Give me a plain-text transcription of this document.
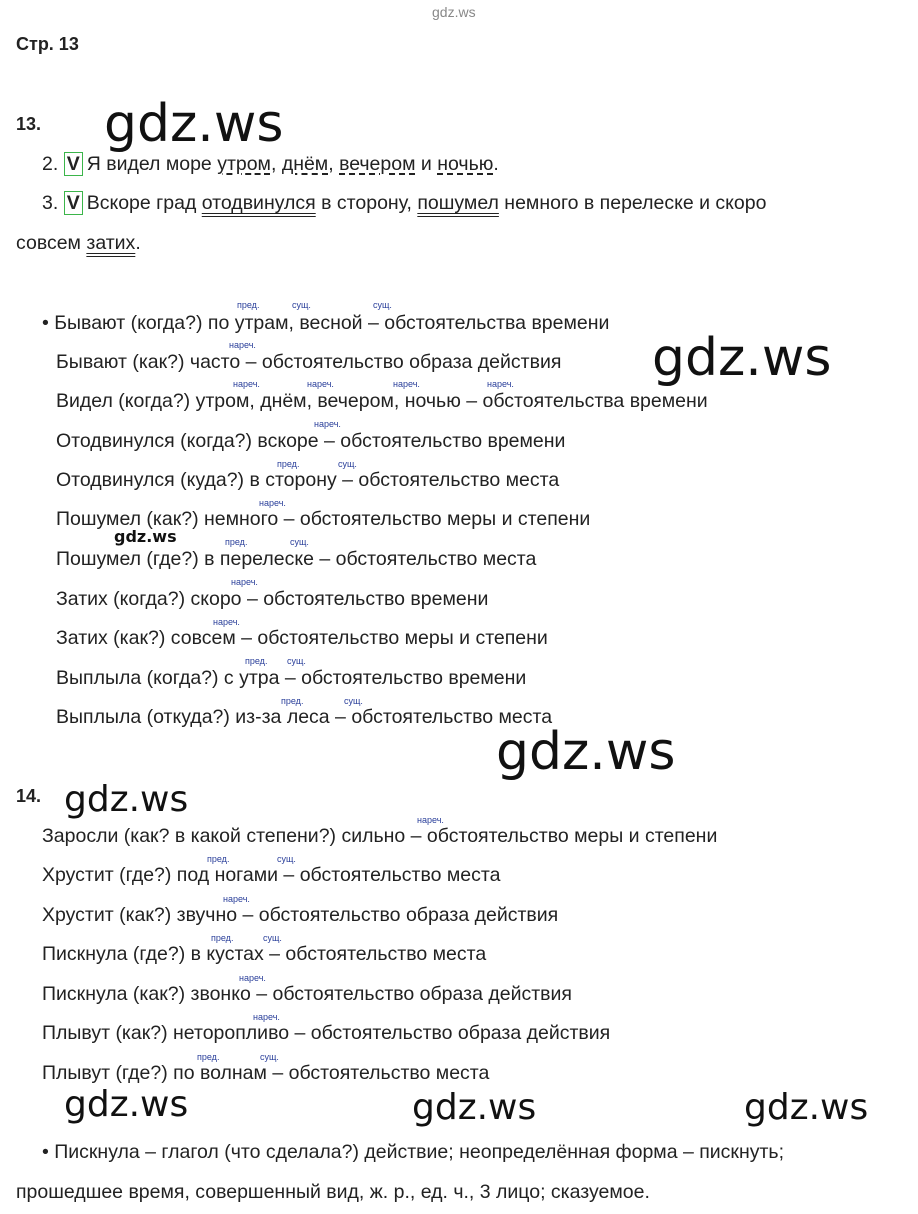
gdz.ws
Стр. 13
13. gdz.ws
2. V Я видел море утром, днём, вечером и ночью.
3. V Вскоре град отодвинулся в сторону, пошумел немного в перелеске и скоро
совсем затих.
пред.	сущ.	сущ.
• Бывают (когда?) по утрам, весной – обстоятельства времени
нареч.
Бывают (как?) часто – обстоятельство образа действия gdz.ws
нареч.	нареч.	нареч.	нареч.
Видел (когда?) утром, днём, вечером, ночью – обстоятельства времени
нареч.
Отодвинулся (когда?) вскоре – обстоятельство времени
пред.	сущ.
Отодвинулся (куда?) в сторону – обстоятельство места
нареч.
Пошумел (как?) немного – обстоятельство меры и степени
gdz.ws	пред.	сущ.
Пошумел (где?) в перелеске – обстоятельство места
нареч.
Затих (когда?) скоро – обстоятельство времени
нареч.
Затих (как?) совсем – обстоятельство меры и степени
пред. сущ.
Выплыла (когда?) с утра – обстоятельство времени
пред.	сущ.
Выплыла (откуда?) из-за леса – обстоятельство места
gdz.ws
14. gdz.ws	нареч.
Заросли (как? в какой степени?) сильно – обстоятельство меры и степени
пред.	сущ.
Хрустит (где?) под ногами – обстоятельство места
нареч.
Хрустит (как?) звучно – обстоятельство образа действия
пред.	сущ.
Пискнула (где?) в кустах – обстоятельство места
нареч.
Пискнула (как?) звонко – обстоятельство образа действия
нареч.
Плывут (как?) неторопливо – обстоятельство образа действия
пред.	сущ.
Плывут (где?) по волнам – обстоятельство места
gdz.ws	gdz.ws	gdz.ws
• Пискнула – глагол (что сделала?) действие; неопределённая форма – пискнуть;
прошедшее время, совершенный вид, ж. р., ед. ч., 3 лицо; сказуемое.
